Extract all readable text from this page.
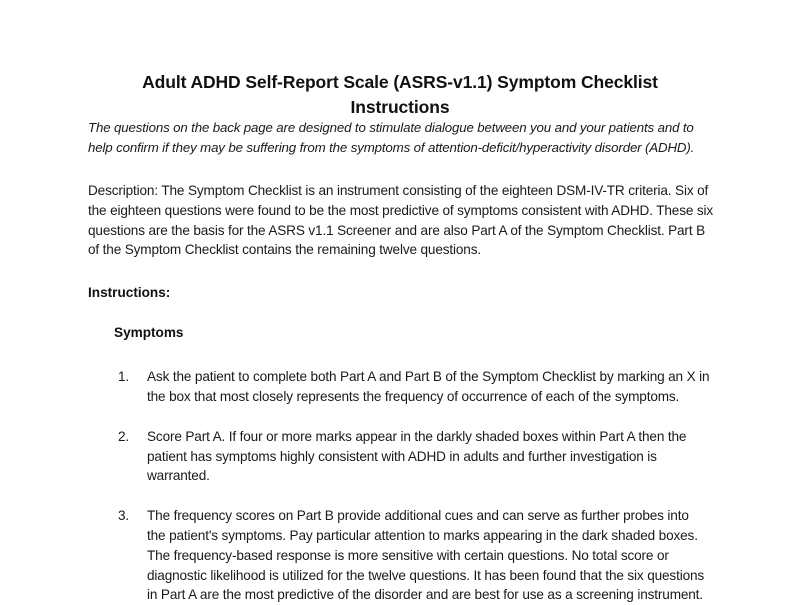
Adult ADHD Self-Report Scale (ASRS-v1.1) Symptom Checklist
Instructions

The questions on the back page are designed to stimulate dialogue between you and your patients and to help confirm if they may be suffering from the symptoms of attention-deficit/hyperactivity disorder (ADHD).

Description: The Symptom Checklist is an instrument consisting of the eighteen DSM-IV-TR criteria. Six of the eighteen questions were found to be the most predictive of symptoms consistent with ADHD. These six questions are the basis for the ASRS v1.1 Screener and are also Part A of the Symptom Checklist. Part B of the Symptom Checklist contains the remaining twelve questions.

Instructions:
Symptoms
1.	Ask the patient to complete both Part A and Part B of the Symptom Checklist by marking an X in the box that most closely represents the frequency of occurrence of each of the symptoms.
2.	Score Part A. If four or more marks appear in the darkly shaded boxes within Part A then the patient has symptoms highly consistent with ADHD in adults and further investigation is warranted.
3.	The frequency scores on Part B provide additional cues and can serve as further probes into the patient's symptoms. Pay particular attention to marks appearing in the dark shaded boxes. The frequency-based response is more sensitive with certain questions. No total score or diagnostic likelihood is utilized for the twelve questions. It has been found that the six questions in Part A are the most predictive of the disorder and are best for use as a screening instrument.
